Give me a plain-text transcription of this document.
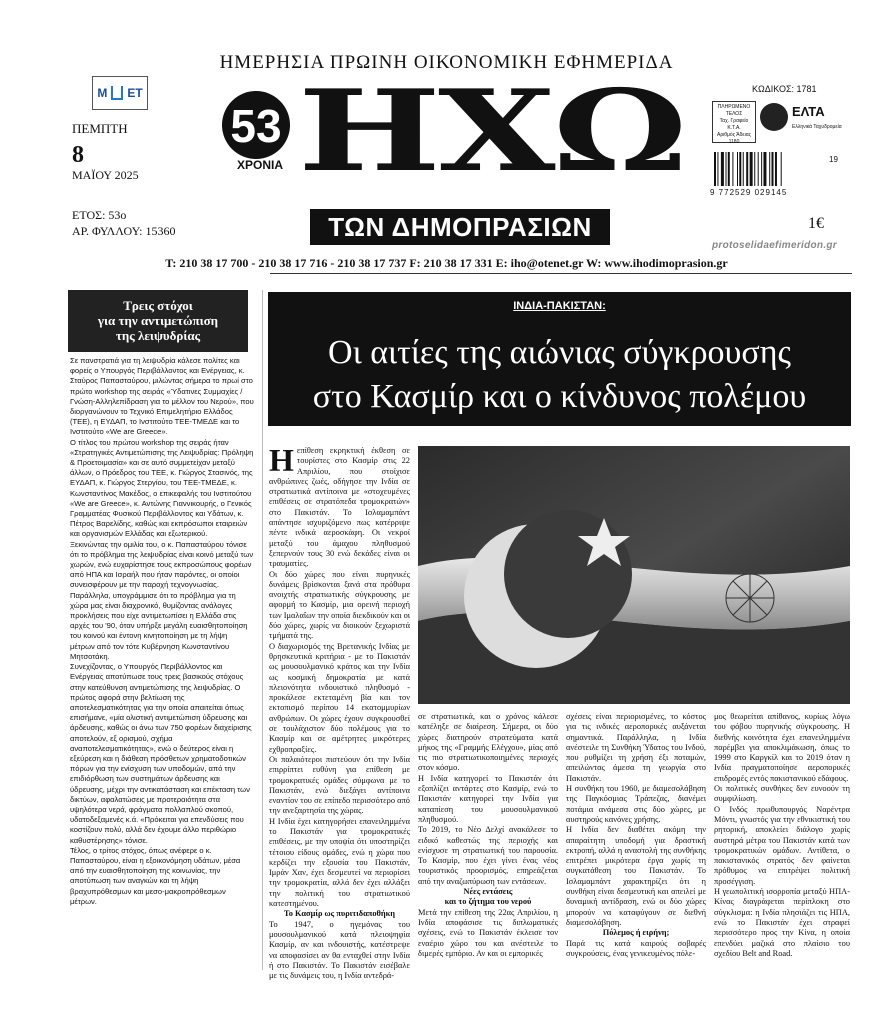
ΗΜΕΡΗΣΙΑ ΠΡΩΙΝΗ ΟΙΚΟΝΟΜΙΚΗ ΕΦΗΜΕΡΙΔΑ
M ET
ΠΕΜΠΤΗ
8
ΜΑΪΟΥ 2025
ΕΤΟΣ: 53ο
ΑΡ. ΦΥΛΛΟΥ: 15360
53
ΧΡΟΝΙΑ ΗΧΩ
ΤΩΝ ΔΗΜΟΠΡΑΣΙΩΝ
ΚΩΔΙΚΟΣ: 1781
ΠΛΗΡΩΜΕΝΟ
ΤΕΛΟΣ
Ταχ. Γραφείο
Κ.Τ.Α.
Αριθμός Άδειας
1180
ΕΛΤΑ
Ελληνικά Ταχυδρομεία
19
9 772529 029145
1€
protoselidaefimeridon.gr
T: 210 38 17 700 - 210 38 17 716 - 210 38 17 737 F: 210 38 17 331 E: iho@otenet.gr W: www.ihodimoprasion.gr
Τρεις στόχοι
για την αντιμετώπιση
της λειψυδρίας

Σε πανστρατιά για τη λειψυδρία κάλεσε πολίτες και φορείς ο Υπουργός Περιβάλλοντος και Ενέργειας, κ. Σταύρος Παπασταύρου, μιλώντας σήμερα το πρωί στο πρώτο workshop της σειράς «Ύδατινες Συμμαχίες / Γνώση-Αλληλεπίδραση για το μέλλον του Νερού», που διοργανώνουν το Τεχνικό Επιμελητήριο Ελλάδος (ΤΕΕ), η ΕΥΔΑΠ, το Ινστιτούτο ΤΕΕ-ΤΜΕΔΕ και το Ινστιτούτο «We are Greece».

Ο τίτλος του πρώτου workshop της σειράς ήταν «Στρατηγικές Αντιμετώπισης της Λειψυδρίας: Πρόληψη & Προετοιμασία» και σε αυτό συμμετείχαν μεταξύ άλλων, ο Πρόεδρος του ΤΕΕ, κ. Γιώργος Στασινός, της ΕΥΔΑΠ, κ. Γιώργος Στεργίου, του ΤΕΕ-ΤΜΕΔΕ, κ. Κωνσταντίνος Μακέδος, ο επικεφαλής του Ινστιτούτου «We are Greece», κ. Αντώνης Γιαννικουρής, ο Γενικός Γραμματέας Φυσικού Περιβάλλοντος και Υδάτων, κ. Πέτρος Βαρελίδης, καθώς και εκπρόσωποι εταιρειών και οργανισμών Ελλάδας και εξωτερικού.

Ξεκινώντας την ομιλία του, ο κ. Παπασταύρου τόνισε ότι το πρόβλημα της λειψυδρίας είναι κοινό μεταξύ των χωρών, ενώ ευχαρίστησε τους εκπροσώπους φορέων από ΗΠΑ και Ισραήλ που ήταν παρόντες, οι οποίοι συνεισφέρουν με την παροχή τεχνογνωσίας. Παράλληλα, υπογράμμισε ότι το πρόβλημα για τη χώρα μας είναι διαχρονικό, θυμίζοντας ανάλογες προκλήσεις που είχε αντιμετωπίσει η Ελλάδα στις αρχές του '90, όταν υπήρξε μεγάλη ευαισθητοποίηση του κοινού και έντονη κινητοποίηση με τη λήψη μέτρων από τον τότε Κυβέρνηση Κωνσταντίνου Μητσοτάκη.

Συνεχίζοντας, ο Υπουργός Περιβάλλοντος και Ενέργειας αποτύπωσε τους τρεις βασικούς στόχους στην κατεύθυνση αντιμετώπισης της λειψυδρίας. Ο πρώτος αφορά στην βελτίωση της αποτελεσματικότητας για την οποία απαιτείται όπως επισήμανε, «μία ολιστική αντιμετώπιση ύδρευσης και άρδευσης, καθώς οι άνω των 750 φορέων διαχείρισης αποτελούν, εξ ορισμού, σχήμα αναποτελεσματικότητας», ενώ ο δεύτερος είναι η εξεύρεση και η διάθεση πρόσθετων χρηματοδοτικών πόρων για την ενίσχυση των υποδομών, από την επιδιόρθωση των συστημάτων άρδευσης και ύδρευσης, μέχρι την αντικατάσταση και επέκταση των δικτύων, αφαλατώσεις με προτεραιότητα στα υψηλότερα νερά, φράγματα πολλαπλού σκοπού, υδατοδεξαμενές κ.ά. «Πρόκειται για επενδύσεις που κοστίζουν πολύ, αλλά δεν έχουμε άλλο περιθώριο καθυστέρησης» τόνισε.

Τέλος, ο τρίτος στόχος, όπως ανέφερε ο κ. Παπασταύρου, είναι η εξοικονόμηση υδάτων, μέσα από την ευαισθητοποίηση της κοινωνίας, την αποτύπωση των αναγκών και τη λήψη βραχυπρόθεσμων και μεσο-μακροπρόθεσμων μέτρων.

ΙΝΔΙΑ-ΠΑΚΙΣΤΑΝ:
Οι αιτίες της αιώνιας σύγκρουσης
στο Κασμίρ και ο κίνδυνος πολέμου
Η επίθεση εκρηκτική έκθεση σε τουρίστες στο Κασμίρ στις 22 Απριλίου, που στοίχισε ανθρώπινες ζωές, οδήγησε την Ινδία σε στρατιωτικά αντίποινα με «στοχευμένες επιθέσεις σε στρατόπεδα τρομοκρατών» στο Πακιστάν. Το Ισλαμαμπάντ απάντησε ισχυριζόμενο πως κατέρριψε πέντε ινδικά αεροσκάφη. Οι νεκροί μεταξύ του άμαχου πληθυσμού ξεπερνούν τους 30 ενώ δεκάδες είναι οι τραυματίες.

Οι δύο χώρες που είναι πυρηνικές δυνάμεις βρίσκονται ξανά στα πρόθυρα ανοιχτής στρατιωτικής σύγκρουσης με αφορμή το Κασμίρ, μια ορεινή περιοχή των Ιμαλαΐων την οποία διεκδικούν και οι δύο χώρες, χωρίς να διοικούν ξεχωριστά τμήματά της.

Ο διαχωρισμός της Βρετανικής Ινδίας με θρησκευτικά κριτήρια - με το Πακιστάν ως μουσουλμανικό κράτος και την Ινδία ως κοσμική δημοκρατία με κατά πλειονότητα ινδουιστικό πληθυσμό - προκάλεσε εκτεταμένη βία και τον εκτοπισμό περίπου 14 εκατομμυρίων ανθρώπων. Οι χώρες έχουν συγκρουσθεί σε τουλάχιστον δύο πολέμους για το Κασμίρ και σε αμέτρητες μικρότερες εχθροπραξίες.

Οι παλαιότεροι πιστεύουν ότι την Ινδία επιρρίπτει ευθύνη για επίθεση με τρομοκρατικές ομάδες σύμφωνα με το Πακιστάν, ενώ διεξάγει αντίποινα εναντίον του σε επίπεδο περισσότερο από την ανεξαρτησία της χώρας.

Η Ινδία έχει κατηγορήσει επανειλημμένα το Πακιστάν για τρομοκρατικές επιθέσεις, με την υποψία ότι υποστηρίζει τέτοιου είδους ομάδες, ενώ η χώρα που κερδίζει την εξουσία του Πακιστάν, Ιμράν Χαν, έχει δεσμευτεί να περιορίσει την τρομοκρατία, αλλά δεν έχει αλλάξει την πολιτική του στρατιωτικού κατεστημένου.

Το Κασμίρ ως πυριτιδαποθήκη

Το 1947, ο ηγεμόνας του μουσουλμανικού κατά πλειοψηφία Κασμίρ, αν και ινδουιστής, κατέστρεψε να αποφασίσει αν θα ενταχθεί στην Ινδία ή στο Πακιστάν. Το Πακιστάν εισέβαλε με τις δυνάμεις του, η Ινδία αντεδρά-

σε στρατιωτικά, και ο χρόνος κάλεσε κατέληξε σε διαίρεση. Σήμερα, οι δύο χώρες διατηρούν στρατεύματα κατά μήκος της «Γραμμής Ελέγχου», μίας από τις πιο στρατιωτικοποιημένες περιοχές στον κόσμο.

Η Ινδία κατηγορεί το Πακιστάν ότι εξοπλίζει αντάρτες στο Κασμίρ, ενώ το Πακιστάν κατηγορεί την Ινδία για καταπίεση του μουσουλμανικού πληθυσμού.

Το 2019, το Νέο Δελχί ανακάλεσε το ειδικό καθεστώς της περιοχής και ενίσχυσε τη στρατιωτική του παρουσία. Το Κασμίρ, που έχει γίνει ένας νέος τουριστικός προορισμός, επηρεάζεται από την αναζωπύρωση των εντάσεων.

Νέες εντάσεις

και το ζήτημα του νερού

Μετά την επίθεση της 22ας Απριλίου, η Ινδία αποφάσισε τις διπλωματικές σχέσεις, ενώ το Πακιστάν έκλεισε τον εναέριο χώρο του και ανέστειλε το διμερές εμπόριο. Αν και οι εμπορικές

σχέσεις είναι περιορισμένες, το κόστος για τις ινδικές αεροπορικές αυξάνεται σημαντικά. Παράλληλα, η Ινδία ανέστειλε τη Συνθήκη Ύδατος του Ινδού, που ρυθμίζει τη χρήση έξι ποταμών, απειλώντας άμεσα τη γεωργία στο Πακιστάν.

Η συνθήκη του 1960, με διαμεσολάβηση της Παγκόσμιας Τράπεζας, διανέμει ποτάμια ανάμεσα στις δύο χώρες, με αυστηρούς κανόνες χρήσης.

Η Ινδία δεν διαθέτει ακόμη την απαραίτητη υποδομή για δραστική εκτροπή, αλλά η αναστολή της συνθήκης επιτρέπει μικρότερα έργα χωρίς τη συγκατάθεση του Πακιστάν. Το Ισλαμαμπάντ χαρακτηρίζει ότι η συνθήκη είναι δεσμευτική και απειλεί με δυναμική αντίδραση, ενώ οι δύο χώρες μπορούν να καταφύγουν σε διεθνή διαμεσολάβηση.

Πόλεμος ή ειρήνη;

Παρά τις κατά καιρούς σοβαρές συγκρούσεις, ένας γενικευμένος πόλε-

μος θεωρείται απίθανος, κυρίως λόγω του φόβου πυρηνικής σύγκρουσης. Η διεθνής κοινότητα έχει επανειλημμένα παρέμβει για αποκλιμάκωση, όπως το 1999 στο Καργκίλ και το 2019 όταν η Ινδία πραγματοποίησε αεροπορικές επιδρομές εντός πακιστανικού εδάφους.

Οι πολιτικές συνθήκες δεν ευνοούν τη συμφιλίωση.

Ο Ινδός πρωθυπουργός Ναρέντρα Μόντι, γνωστός για την εθνικιστική του ρητορική, αποκλείει διάλογο χωρίς αυστηρά μέτρα του Πακιστάν κατά των τρομοκρατικών ομάδων. Αντίθετα, ο πακιστανικός στρατός δεν φαίνεται πρόθυμος να επιτρέψει πολιτική προσέγγιση.

Η γεωπολιτική ισορροπία μεταξύ ΗΠΑ-Κίνας διαγράφεται περίπλοκη στο σύγκλισμα: η Ινδία πλησιάζει τις ΗΠΑ, ενώ το Πακιστάν έχει στραφεί περισσότερο προς την Κίνα, η οποία επενδύει μαζικά στο πλαίσιο του σχεδίου Belt and Road.
